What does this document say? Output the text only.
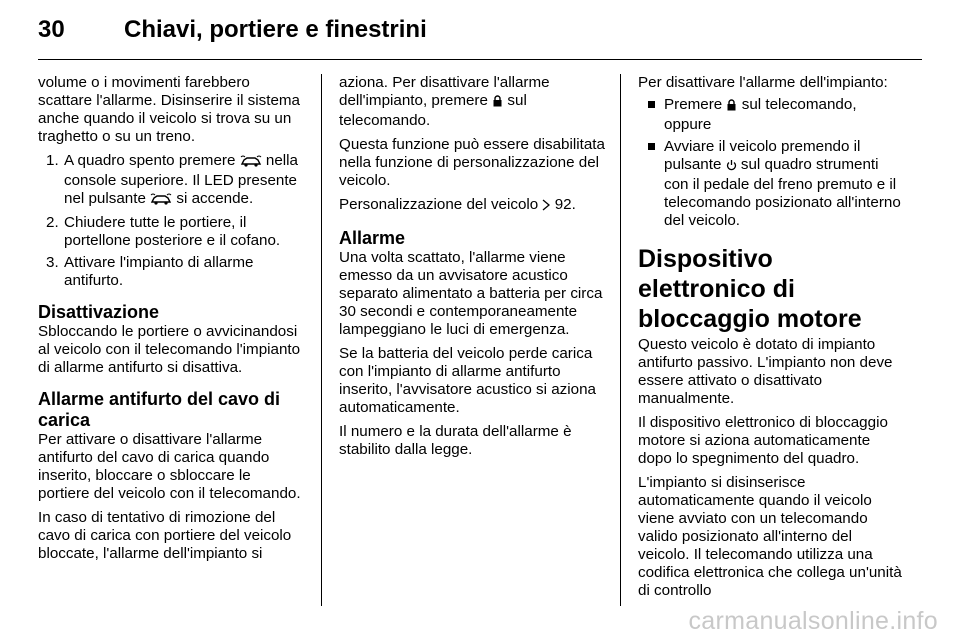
30	Chiavi, portiere e finestrini

volume o i movimenti farebbero scattare l'allarme. Disinserire il sistema anche quando il veicolo si trova su un traghetto o su un treno.

1. A quadro spento premere nella console superiore. Il LED presente nel pulsante si accende.
2. Chiudere tutte le portiere, il portellone posteriore e il cofano.
3. Attivare l'impianto di allarme antifurto.
Disattivazione

Sbloccando le portiere o avvicinandosi al veicolo con il telecomando l'impianto di allarme antifurto si disattiva.

Allarme antifurto del cavo di carica

Per attivare o disattivare l'allarme antifurto del cavo di carica quando inserito, bloccare o sbloccare le portiere del veicolo con il telecomando.

In caso di tentativo di rimozione del cavo di carica con portiere del veicolo bloccate, l'allarme dell'impianto si

aziona. Per disattivare l'allarme dell'impianto, premere sul telecomando.

Questa funzione può essere disabilitata nella funzione di personalizzazione del veicolo.

Personalizzazione del veicolo 92.

Allarme

Una volta scattato, l'allarme viene emesso da un avvisatore acustico separato alimentato a batteria per circa 30 secondi e contemporaneamente lampeggiano le luci di emergenza.

Se la batteria del veicolo perde carica con l'impianto di allarme antifurto inserito, l'avvisatore acustico si aziona automaticamente.

Il numero e la durata dell'allarme è stabilito dalla legge.

Per disattivare l'allarme dell'impianto:

Premere sul telecomando, oppure
Avviare il veicolo premendo il pulsante sul quadro strumenti con il pedale del freno premuto e il telecomando posizionato all'interno del veicolo.
Dispositivo elettronico di bloccaggio motore

Questo veicolo è dotato di impianto antifurto passivo. L'impianto non deve essere attivato o disattivato manualmente.

Il dispositivo elettronico di bloccaggio motore si aziona automaticamente dopo lo spegnimento del quadro.

L'impianto si disinserisce automaticamente quando il veicolo viene avviato con un telecomando valido posizionato all'interno del veicolo. Il telecomando utilizza una codifica elettronica che collega un'unità di controllo

carmanualsonline.info
